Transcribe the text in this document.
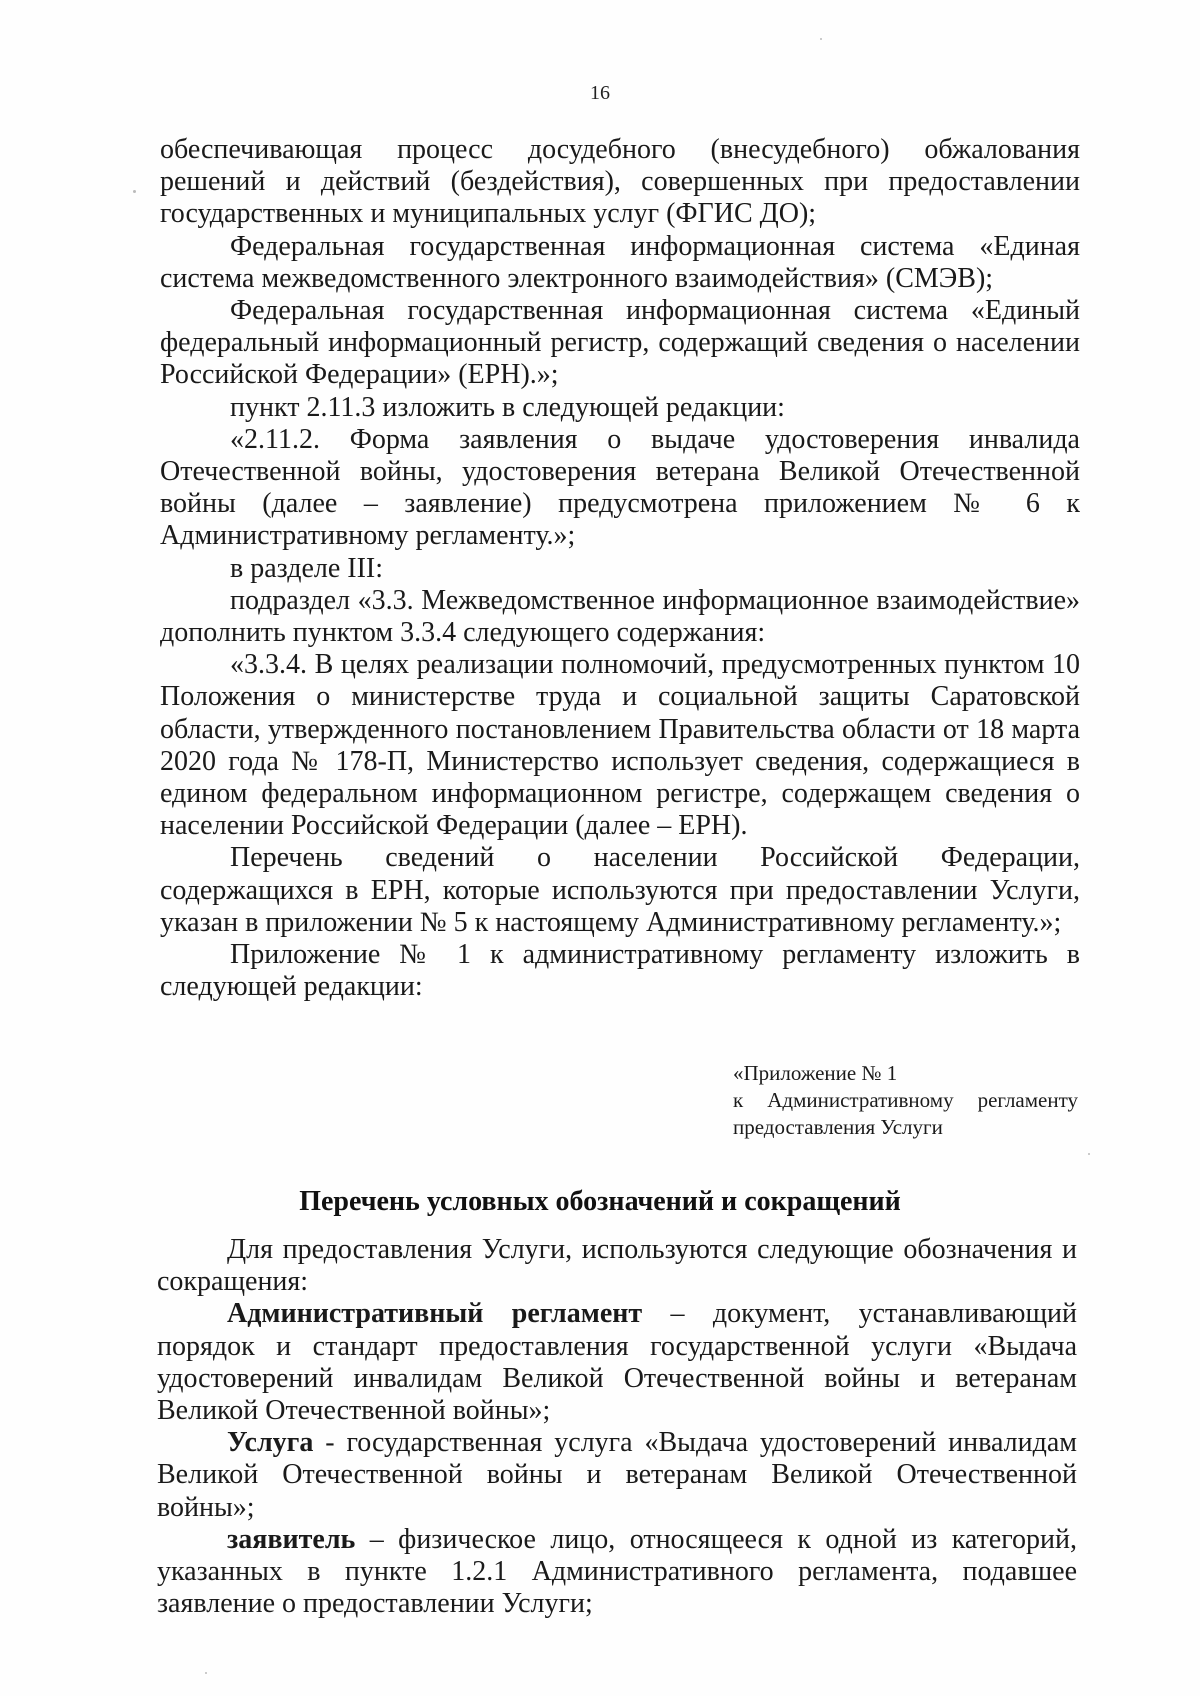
16

обеспечивающая процесс досудебного (внесудебного) обжалования решений и действий (бездействия), совершенных при предоставлении государственных и муниципальных услуг (ФГИС ДО);

Федеральная государственная информационная система «Единая система межведомственного электронного взаимодействия» (СМЭВ);

Федеральная государственная информационная система «Единый федеральный информационный регистр, содержащий сведения о населении Российской Федерации» (ЕРН).»;

пункт 2.11.3 изложить в следующей редакции:

«2.11.2. Форма заявления о выдаче удостоверения инвалида Отечественной войны, удостоверения ветерана Великой Отечественной войны (далее – заявление) предусмотрена приложением № 6 к Административному регламенту.»;

в разделе III:

подраздел «3.3. Межведомственное информационное взаимодействие» дополнить пунктом 3.3.4 следующего содержания:

«3.3.4. В целях реализации полномочий, предусмотренных пунктом 10 Положения о министерстве труда и социальной защиты Саратовской области, утвержденного постановлением Правительства области от 18 марта 2020 года № 178-П, Министерство использует сведения, содержащиеся в едином федеральном информационном регистре, содержащем сведения о населении Российской Федерации (далее – ЕРН).

Перечень сведений о населении Российской Федерации, содержащихся в ЕРН, которые используются при предоставлении Услуги, указан в приложении № 5 к настоящему Административному регламенту.»;

Приложение № 1 к административному регламенту изложить в следующей редакции:

«Приложение № 1
к Административному регламенту предоставления Услуги
Перечень условных обозначений и сокращений

Для предоставления Услуги, используются следующие обозначения и сокращения:

Административный регламент – документ, устанавливающий порядок и стандарт предоставления государственной услуги «Выдача удостоверений инвалидам Великой Отечественной войны и ветеранам Великой Отечественной войны»;

Услуга - государственная услуга «Выдача удостоверений инвалидам Великой Отечественной войны и ветеранам Великой Отечественной войны»;

заявитель – физическое лицо, относящееся к одной из категорий, указанных в пункте 1.2.1 Административного регламента, подавшее заявление о предоставлении Услуги;
